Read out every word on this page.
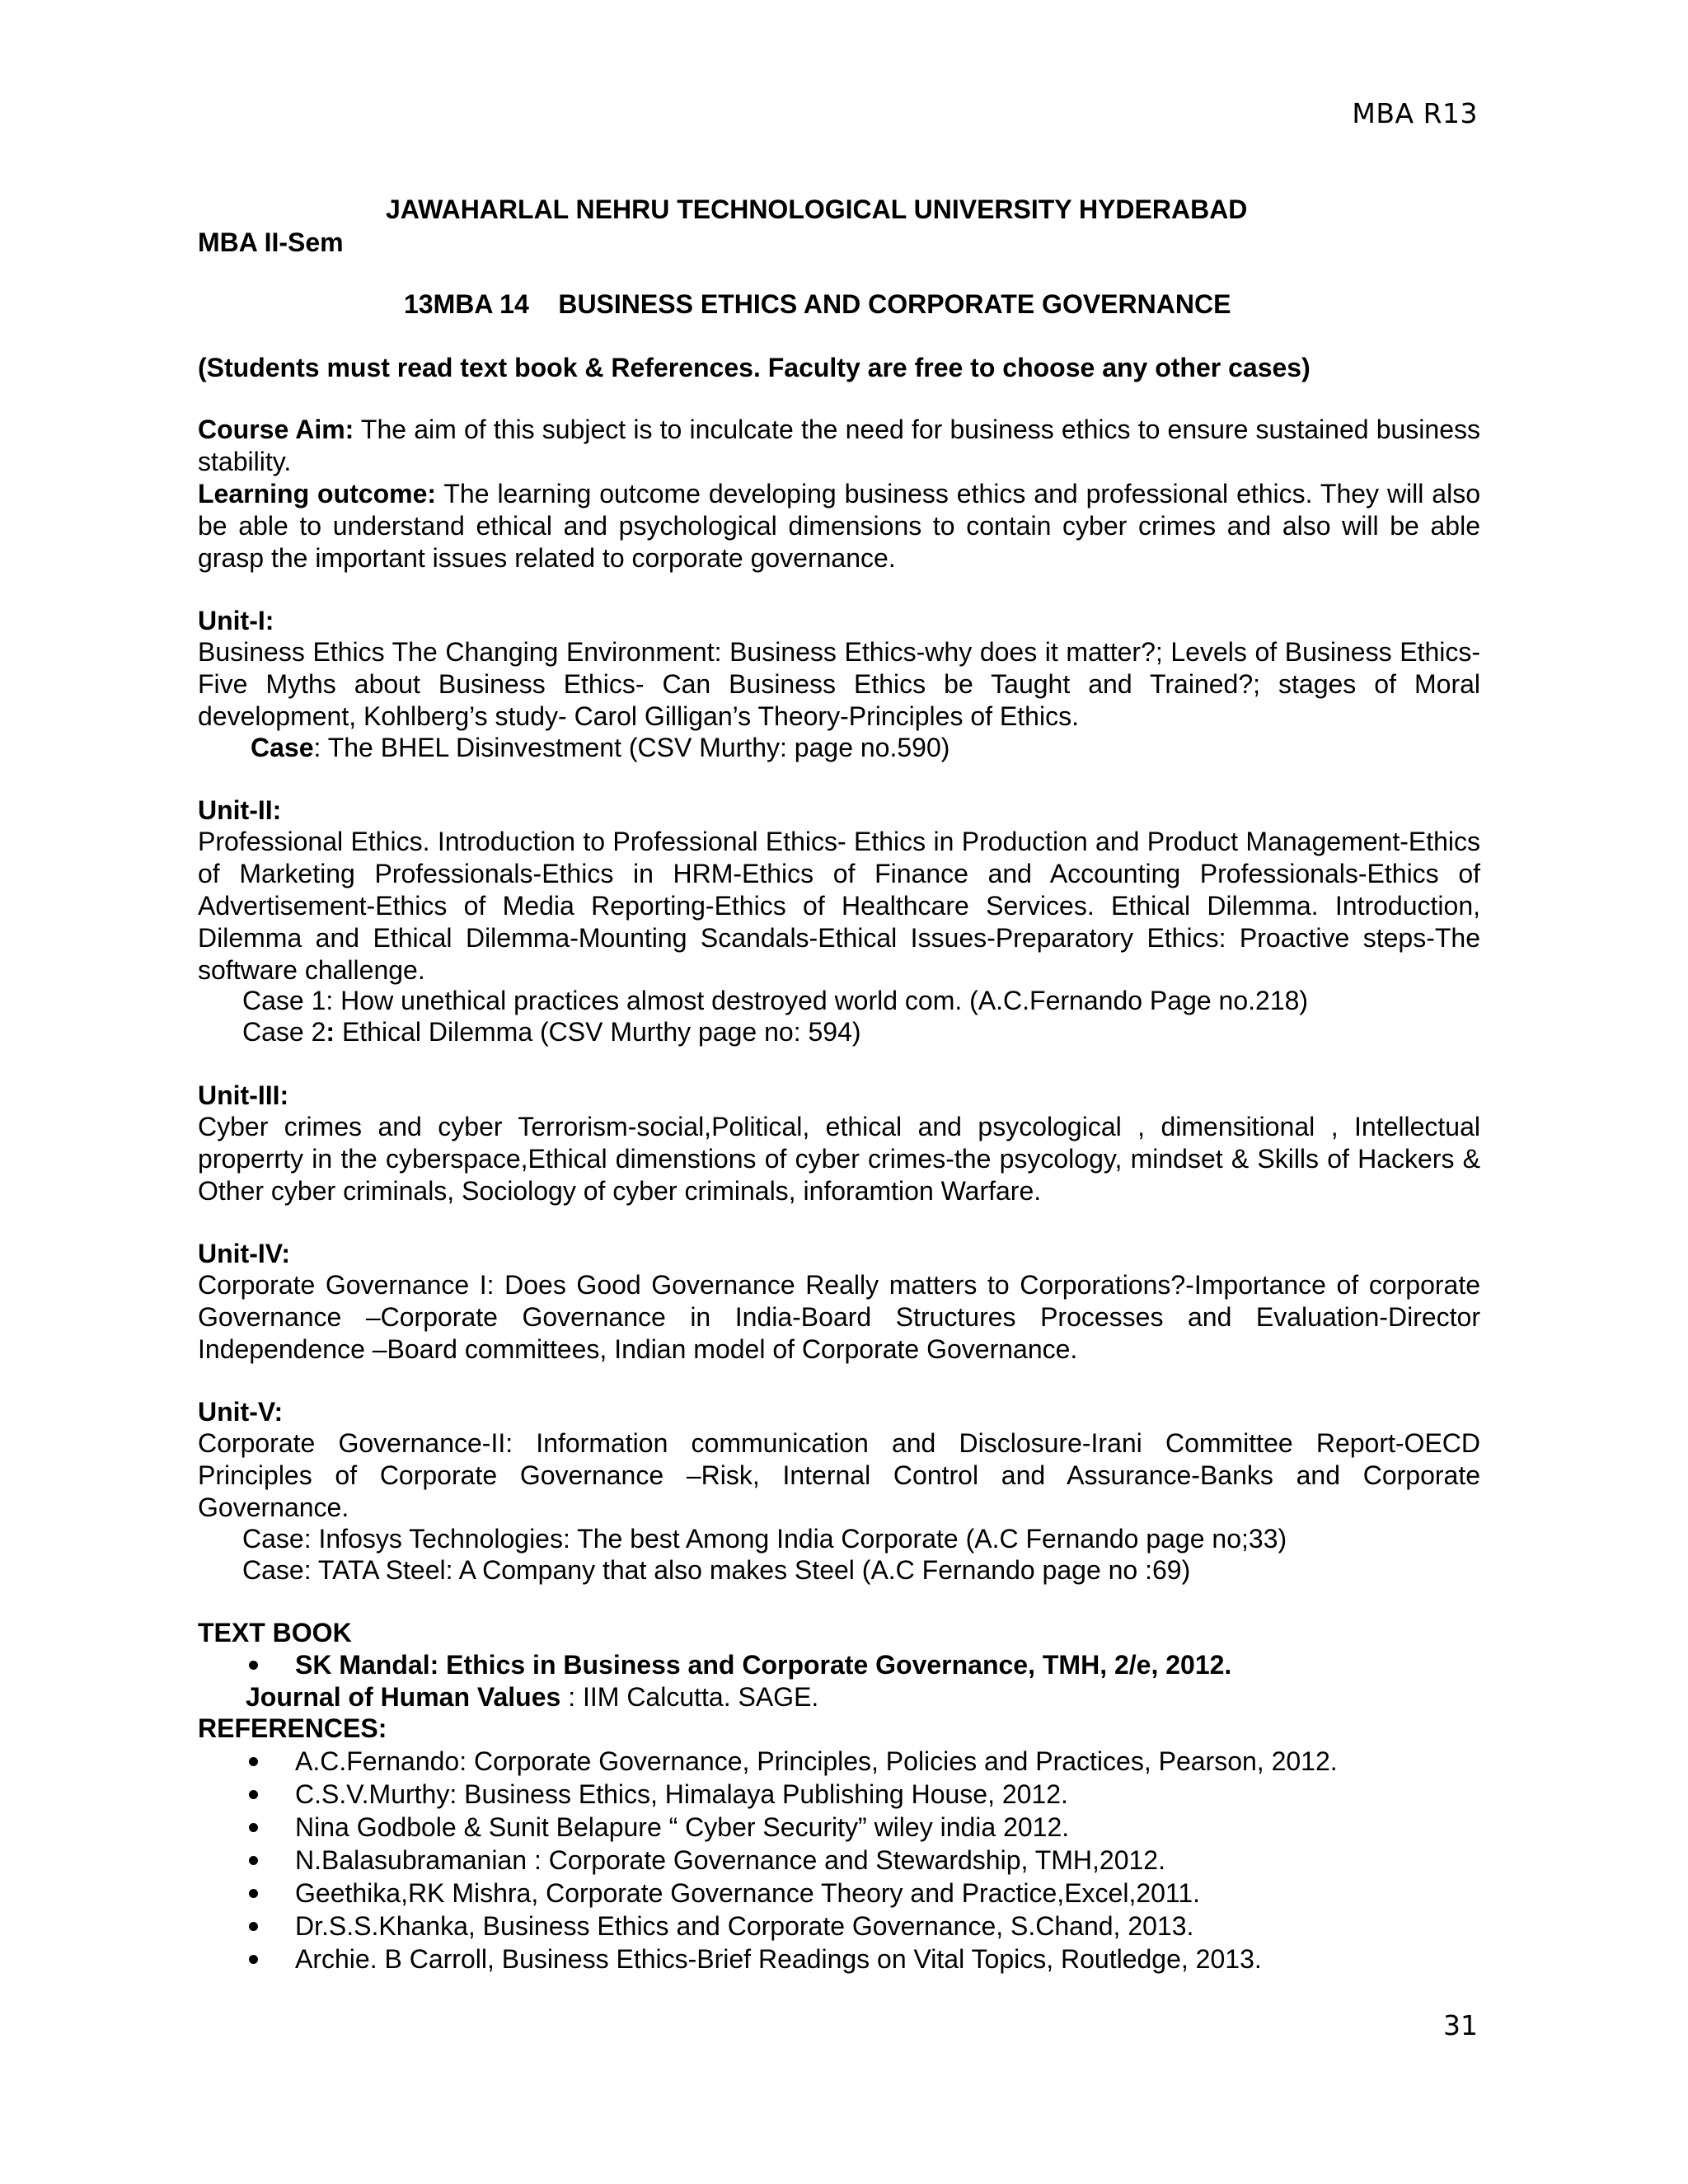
MBA R13
JAWAHARLAL NEHRU TECHNOLOGICAL UNIVERSITY HYDERABAD
MBA II-Sem
13MBA 14    BUSINESS ETHICS AND CORPORATE GOVERNANCE
(Students must read text book & References. Faculty are free to choose any other cases)
Course Aim: The aim of this subject is to inculcate the need for business ethics to ensure sustained business stability.
Learning outcome: The learning outcome developing business ethics and professional ethics. They will also be able to understand ethical and psychological dimensions to contain cyber crimes and also will be able grasp the important issues related to corporate governance.
Unit-I:
Business Ethics The Changing Environment: Business Ethics-why does it matter?; Levels of Business Ethics-Five Myths about Business Ethics- Can Business Ethics be Taught and Trained?; stages of Moral development, Kohlberg’s study- Carol Gilligan’s Theory-Principles of Ethics.
Case: The BHEL Disinvestment (CSV Murthy: page no.590)
Unit-II:
Professional Ethics. Introduction to Professional Ethics- Ethics in Production and Product Management-Ethics of Marketing Professionals-Ethics in HRM-Ethics of Finance and Accounting Professionals-Ethics of Advertisement-Ethics of Media Reporting-Ethics of Healthcare Services. Ethical Dilemma. Introduction, Dilemma and Ethical Dilemma-Mounting Scandals-Ethical Issues-Preparatory Ethics: Proactive steps-The software challenge.
Case 1: How unethical practices almost destroyed world com. (A.C.Fernando Page no.218)
Case 2: Ethical Dilemma (CSV Murthy page no: 594)
Unit-III:
Cyber crimes and cyber Terrorism-social,Political, ethical and psycological , dimensitional , Intellectual properrty in the cyberspace,Ethical dimenstions of cyber crimes-the psycology, mindset & Skills of Hackers & Other cyber criminals, Sociology of cyber criminals, inforamtion Warfare.
Unit-IV:
Corporate Governance I: Does Good Governance Really matters to Corporations?-Importance of corporate Governance –Corporate Governance in India-Board Structures Processes and Evaluation-Director Independence –Board committees, Indian model of Corporate Governance.
Unit-V:
Corporate Governance-II: Information communication and Disclosure-Irani Committee Report-OECD Principles of Corporate Governance –Risk, Internal Control and Assurance-Banks and Corporate Governance.
Case: Infosys Technologies: The best Among India Corporate (A.C Fernando page no;33)
Case: TATA Steel: A Company that also makes Steel (A.C Fernando page no :69)
TEXT BOOK
SK Mandal: Ethics in Business and Corporate Governance, TMH, 2/e, 2012.
Journal of Human Values : IIM Calcutta. SAGE.
REFERENCES:
A.C.Fernando: Corporate Governance, Principles, Policies and Practices, Pearson, 2012.
C.S.V.Murthy: Business Ethics, Himalaya Publishing House, 2012.
Nina Godbole & Sunit Belapure “ Cyber Security” wiley india 2012.
N.Balasubramanian : Corporate Governance and Stewardship, TMH,2012.
Geethika,RK Mishra, Corporate Governance Theory and Practice,Excel,2011.
Dr.S.S.Khanka, Business Ethics and Corporate Governance, S.Chand, 2013.
Archie. B Carroll, Business Ethics-Brief Readings on Vital Topics, Routledge, 2013.
31
